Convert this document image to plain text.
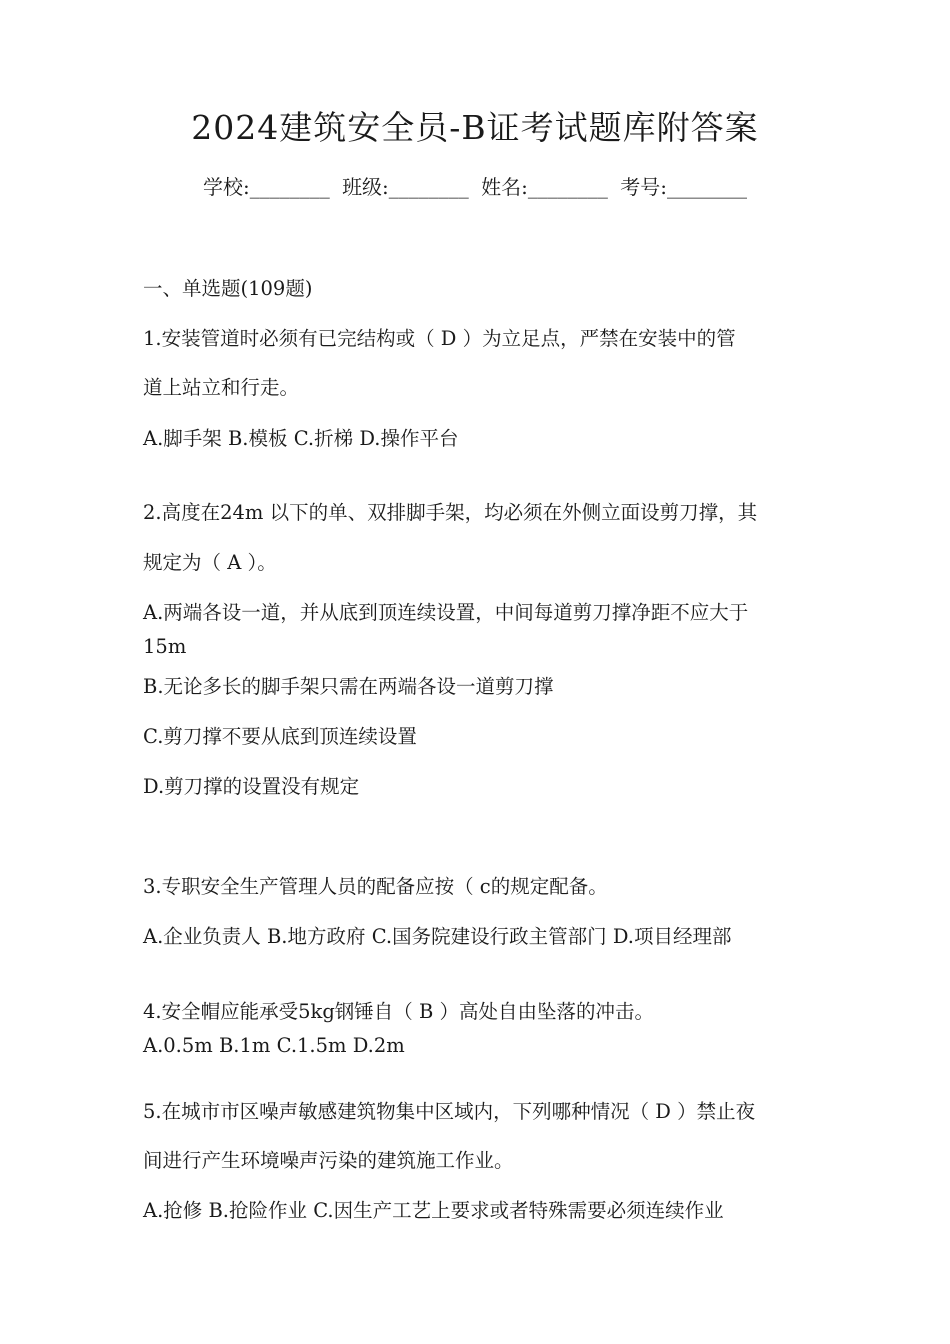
2024建筑安全员-B证考试题库附答案
学校:________ 班级:________ 姓名:________ 考号:________
一、单选题(109题)
1.安装管道时必须有已完结构或（ D ）为立足点，严禁在安装中的管
道上站立和行走。
A.脚手架 B.模板 C.折梯 D.操作平台
2.高度在24m 以下的单、双排脚手架，均必须在外侧立面设剪刀撑，其
规定为（ A ）。
A.两端各设一道，并从底到顶连续设置，中间每道剪刀撑净距不应大于
15m
B.无论多长的脚手架只需在两端各设一道剪刀撑
C.剪刀撑不要从底到顶连续设置
D.剪刀撑的设置没有规定
3.专职安全生产管理人员的配备应按（ c的规定配备。
A.企业负责人 B.地方政府 C.国务院建设行政主管部门 D.项目经理部
4.安全帽应能承受5kg钢锤自（ B ）高处自由坠落的冲击。
A.0.5m B.1m C.1.5m D.2m
5.在城市市区噪声敏感建筑物集中区域内，下列哪种情况（ D ）禁止夜
间进行产生环境噪声污染的建筑施工作业。
A.抢修 B.抢险作业 C.因生产工艺上要求或者特殊需要必须连续作业
